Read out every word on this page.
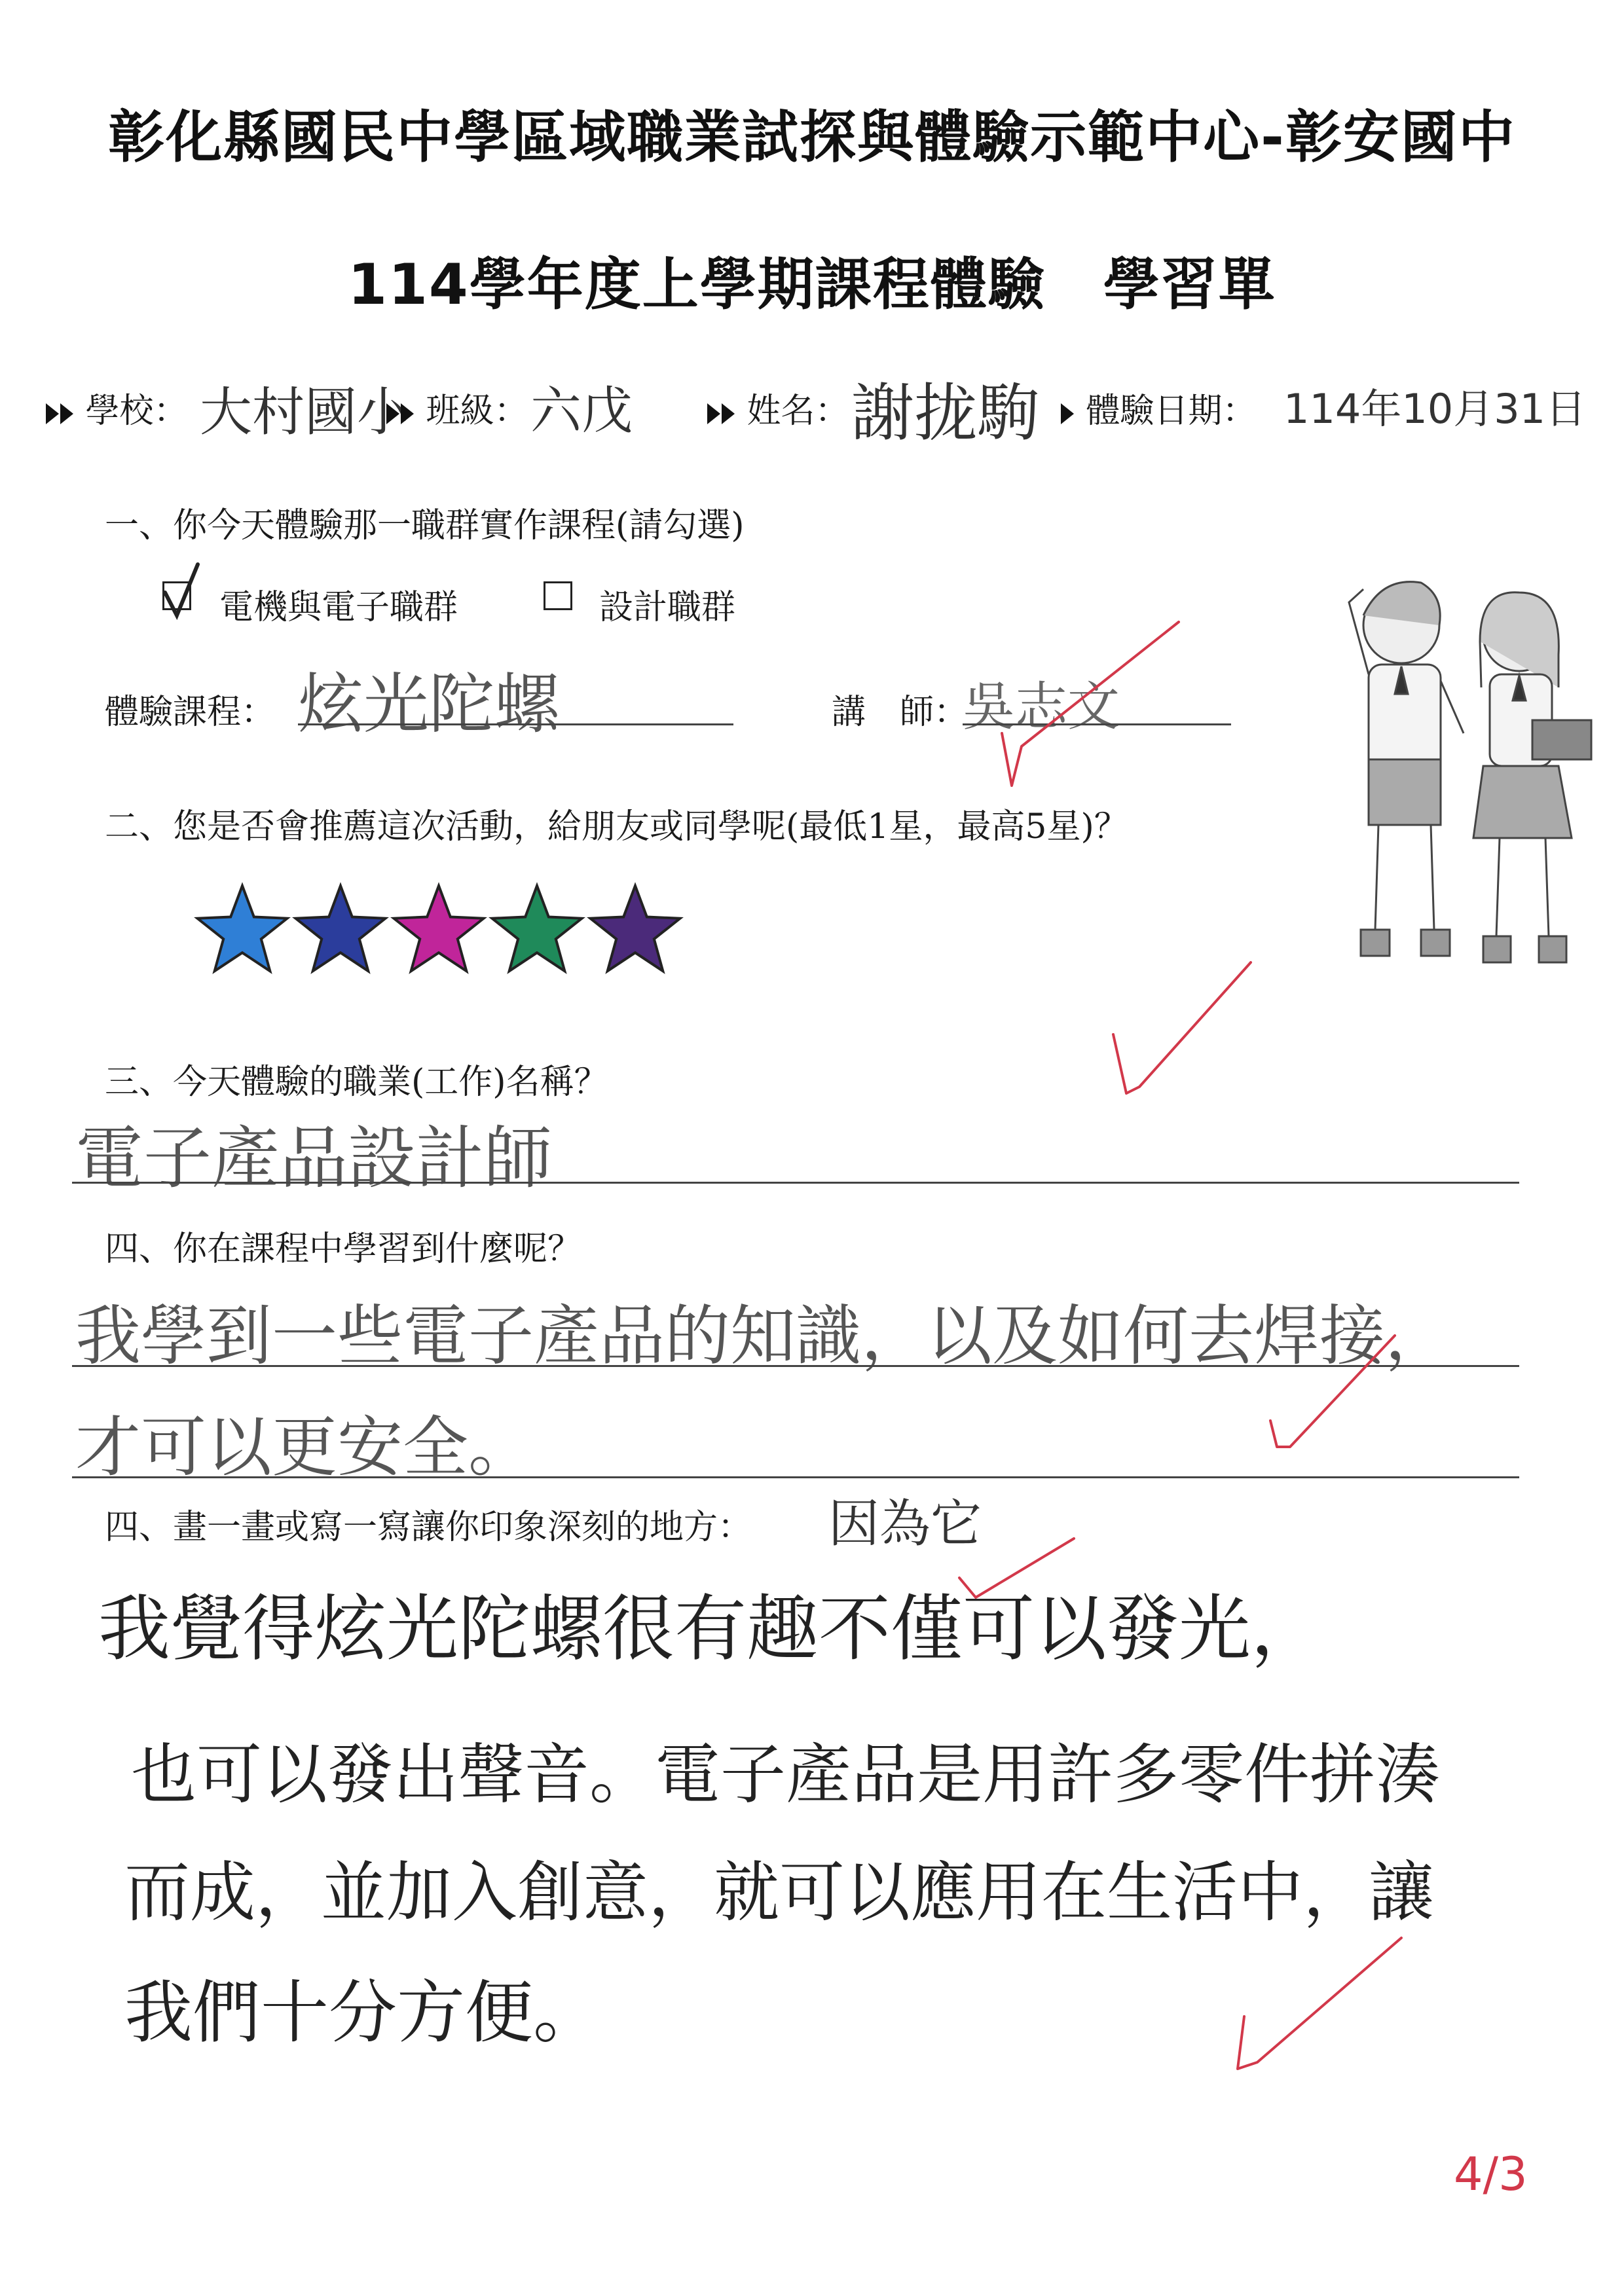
彰化縣國民中學區域職業試探與體驗示範中心-彰安國中
114學年度上學期課程體驗　學習單
學校： 大村國小 班級： 六戊	姓名： 謝拢駒	體驗日期： 114年10月31日
一、你今天體驗那一職群實作課程(請勾選)
電機與電子職群	設計職群
體驗課程： 炫光陀螺	講　師：
吳志文
二、您是否會推薦這次活動，給朋友或同學呢(最低1星，最高5星)？
三、今天體驗的職業(工作)名稱？
電子產品設計師
四、你在課程中學習到什麼呢？
我學到一些電子產品的知識，以及如何去焊接，
才可以更安全。
四、畫一畫或寫一寫讓你印象深刻的地方： 因為它
我覺得炫光陀螺很有趣不僅可以發光，
也可以發出聲音。電子產品是用許多零件拼湊
而成，並加入創意，就可以應用在生活中，讓
我們十分方便。
4/3
